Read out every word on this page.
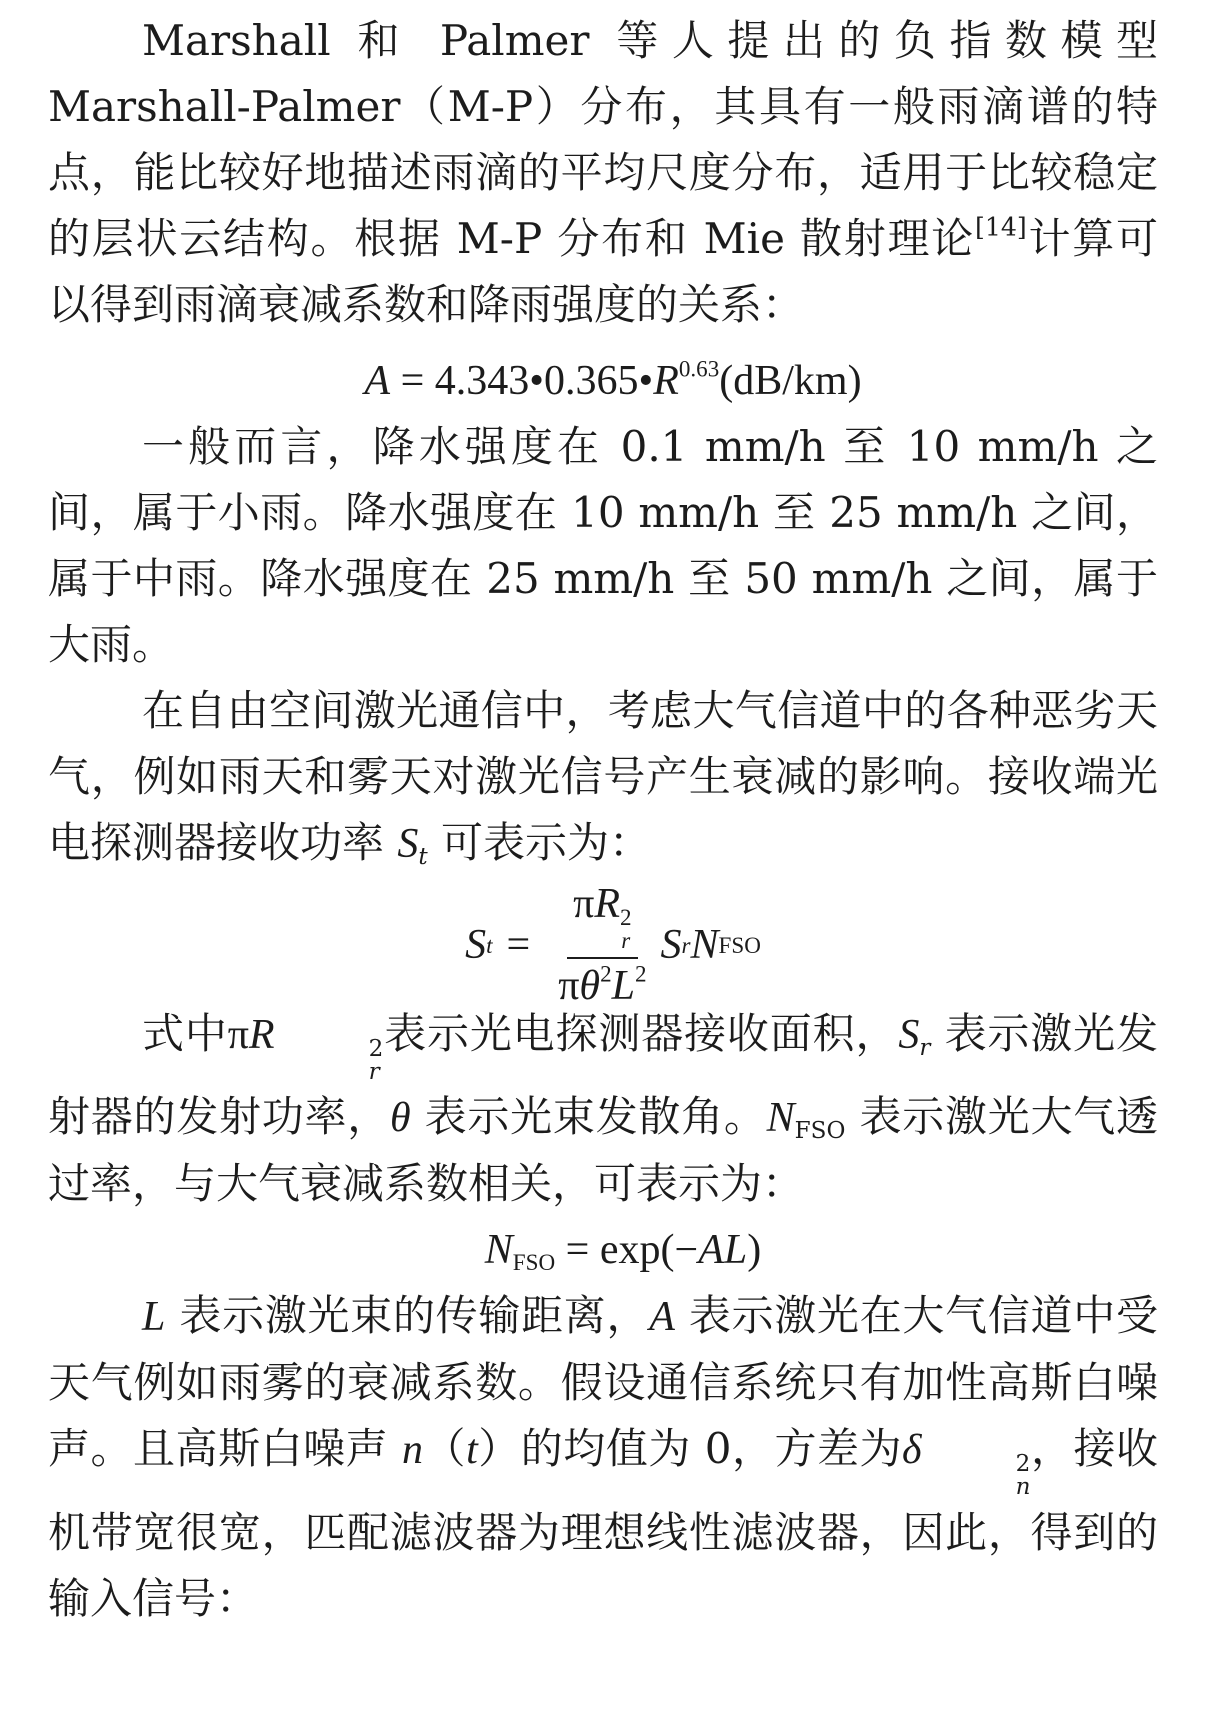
Marshall 和 Palmer 等人提出的负指数模型 Marshall-Palmer（M-P）分布，其具有一般雨滴谱的特点，能比较好地描述雨滴的平均尺度分布，适用于比较稳定的层状云结构。根据 M-P 分布和 Mie 散射理论[14]计算可以得到雨滴衰减系数和降雨强度的关系：

$A = 4.343•0.365•R^{0.63}(dB/km)$

一般而言，降水强度在 0.1 mm/h 至 10 mm/h 之间，属于小雨。降水强度在 10 mm/h 至 25 mm/h 之间，属于中雨。降水强度在 25 mm/h 至 50 mm/h 之间，属于大雨。

在自由空间激光通信中，考虑大气信道中的各种恶劣天气，例如雨天和雾天对激光信号产生衰减的影响。接收端光电探测器接收功率 $S_t$ 可表示为：

S t = πR 2
r
$\pi\theta^2L^2$ S r N FSO

式中πR	2
r
表示光电探测器接收面积，$S_r$ 表示激光发射器的发射功率，θ 表示光束发散角。$N_{FSO}$ 表示激光大气透过率，与大气衰减系数相关，可表示为：

$N_{FSO} = \exp(-AL)$

L 表示激光束的传输距离，A 表示激光在大气信道中受天气例如雨雾的衰减系数。假设通信系统只有加性高斯白噪声。且高斯白噪声 n（t）的均值为 0，方差为δ	2
n
，接收机带宽很宽，匹配滤波器为理想线性滤波器，因此，得到的输入信号：
